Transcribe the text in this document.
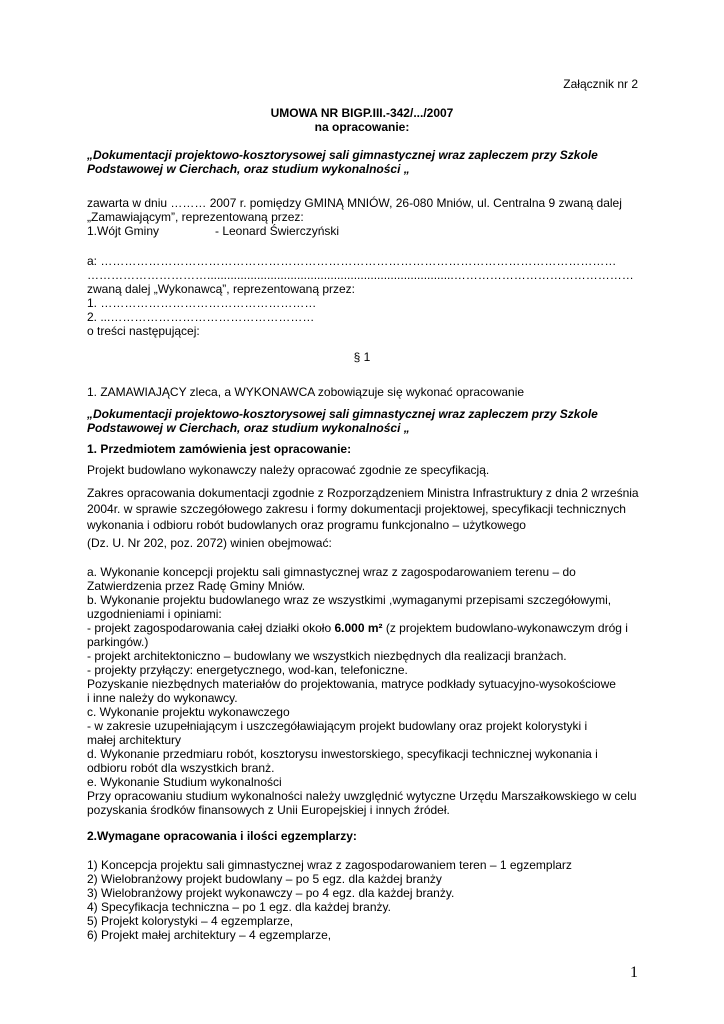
Załącznik nr 2
UMOWA NR BIGP.III.-342/.../2007
na opracowanie:
„Dokumentacji projektowo-kosztorysowej sali gimnastycznej wraz zapleczem przy Szkole
Podstawowej w Cierchach, oraz studium wykonalności „
zawarta w dniu ……… 2007 r. pomiędzy GMINĄ MNIÓW, 26-080 Mniów, ul. Centralna 9 zwaną dalej
„Zamawiającym”, reprezentowaną przez:
1.Wójt Gminy	- Leonard Świerczyński
a: …………………………………………………………………………………………………………………
…………………………..........................................................................………………………………………
zwaną dalej „Wykonawcą”, reprezentowaną przez:
1. ………………………………………………
2. ...……………………………………………
o treści następującej:
§ 1
1. ZAMAWIAJĄCY zleca, a WYKONAWCA zobowiązuje się wykonać opracowanie
„Dokumentacji projektowo-kosztorysowej sali gimnastycznej wraz zapleczem przy Szkole
Podstawowej w Cierchach, oraz studium wykonalności „
1. Przedmiotem zamówienia jest opracowanie:
Projekt budowlano wykonawczy należy opracować zgodnie ze specyfikacją.
Zakres opracowania dokumentacji zgodnie z Rozporządzeniem Ministra Infrastruktury z dnia 2 września
2004r. w sprawie szczegółowego zakresu i formy dokumentacji projektowej, specyfikacji technicznych
wykonania i odbioru robót budowlanych oraz programu funkcjonalno – użytkowego
(Dz. U. Nr 202, poz. 2072) winien obejmować:
a. Wykonanie koncepcji projektu sali gimnastycznej wraz z zagospodarowaniem terenu – do
Zatwierdzenia przez Radę Gminy Mniów.
b. Wykonanie projektu budowlanego wraz ze wszystkimi ,wymaganymi przepisami szczegółowymi,
uzgodnieniami i opiniami:
- projekt zagospodarowania całej działki około 6.000 m² (z projektem budowlano-wykonawczym dróg i
parkingów.)
- projekt architektoniczno – budowlany we wszystkich niezbędnych dla realizacji branżach.
- projekty przyłączy: energetycznego, wod-kan, telefoniczne.
Pozyskanie niezbędnych materiałów do projektowania, matryce podkłady sytuacyjno-wysokościowe
i inne należy do wykonawcy.
c. Wykonanie projektu wykonawczego
- w zakresie uzupełniającym i uszczegóławiającym projekt budowlany oraz projekt kolorystyki i
małej architektury
d. Wykonanie przedmiaru robót, kosztorysu inwestorskiego, specyfikacji technicznej wykonania i
odbioru robót dla wszystkich branż.
e. Wykonanie Studium wykonalności
Przy opracowaniu studium wykonalności należy uwzględnić wytyczne Urzędu Marszałkowskiego w celu
pozyskania środków finansowych z Unii Europejskiej i innych źródeł.
2.Wymagane opracowania i ilości egzemplarzy:
1) Koncepcja projektu sali gimnastycznej wraz z zagospodarowaniem teren – 1 egzemplarz
2) Wielobranżowy projekt budowlany – po 5 egz. dla każdej branży
3) Wielobranżowy projekt wykonawczy – po 4 egz. dla każdej branży.
4) Specyfikacja techniczna – po 1 egz. dla każdej branży.
5) Projekt kolorystyki – 4 egzemplarze,
6) Projekt małej architektury – 4 egzemplarze,
1
